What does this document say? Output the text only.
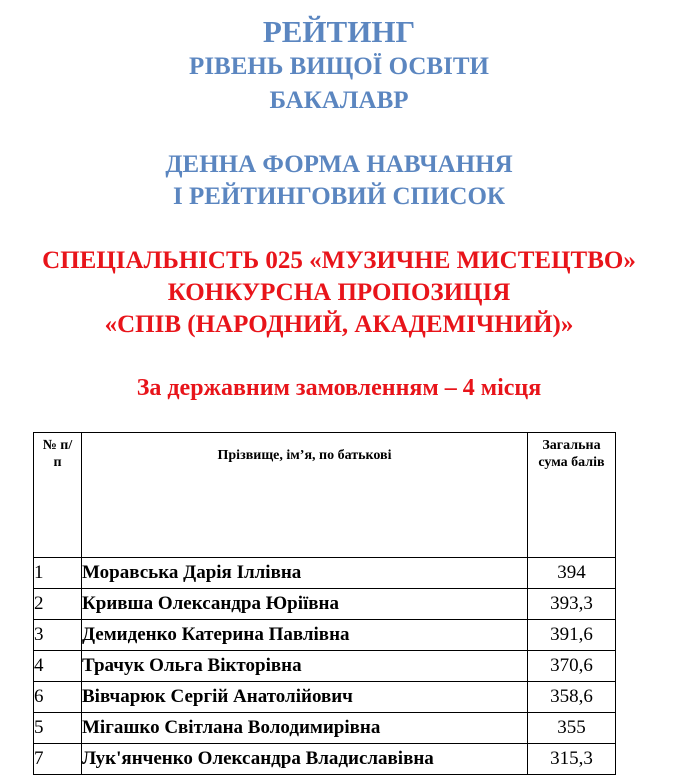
РЕЙТИНГ
РІВЕНЬ ВИЩОЇ ОСВІТИ
БАКАЛАВР
ДЕННА ФОРМА НАВЧАННЯ
І РЕЙТИНГОВИЙ СПИСОК
СПЕЦІАЛЬНІСТЬ 025 «МУЗИЧНЕ МИСТЕЦТВО»
КОНКУРСНА ПРОПОЗИЦІЯ
«СПІВ (НАРОДНИЙ, АКАДЕМІЧНИЙ)»
За державним замовленням – 4 місця
№ п/п	Прізвище, ім’я, по батькові	Загальна сума балів
1	Моравська Дарія Іллівна	394
2	Кривша Олександра Юріївна	393,3
3	Демиденко Катерина Павлівна	391,6
4	Трачук Ольга Вікторівна	370,6
6	Вівчарюк Сергій Анатолійович	358,6
5	Мігашко Світлана Володимирівна	355
7	Лук'янченко Олександра Владиславівна	315,3
